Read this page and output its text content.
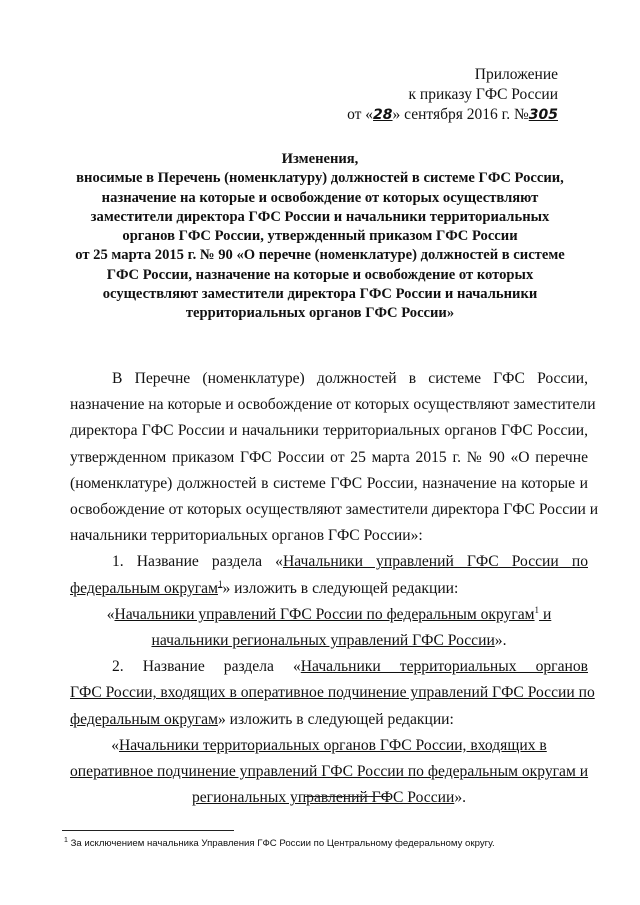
Приложение
к приказу ГФС России
от «28» сентября 2016 г. №305
Изменения,
вносимые в Перечень (номенклатуру) должностей в системе ГФС России,
назначение на которые и освобождение от которых осуществляют
заместители директора ГФС России и начальники территориальных
органов ГФС России, утвержденный приказом ГФС России
от 25 марта 2015 г. № 90 «О перечне (номенклатуре) должностей в системе
ГФС России, назначение на которые и освобождение от которых
осуществляют заместители директора ГФС России и начальники
территориальных органов ГФС России»
В Перечне (номенклатуре) должностей в системе ГФС России,
назначение на которые и освобождение от которых осуществляют заместители
директора ГФС России и начальники территориальных органов ГФС России,
утвержденном приказом ГФС России от 25 марта 2015 г. № 90 «О перечне
(номенклатуре) должностей в системе ГФС России, назначение на которые и
освобождение от которых осуществляют заместители директора ГФС России и
начальники территориальных органов ГФС России»:
1. Название раздела «Начальники управлений ГФС России по
федеральным округам$^1$» изложить в следующей редакции:
«Начальники управлений ГФС России по федеральным округам$^1$ и
начальники региональных управлений ГФС России».
2. Название раздела «Начальники территориальных органов
ГФС России, входящих в оперативное подчинение управлений ГФС России по
федеральным округам» изложить в следующей редакции:
«Начальники территориальных органов ГФС России, входящих в
оперативное подчинение управлений ГФС России по федеральным округам и
региональных управлений ГФС России».
$^1$ За исключением начальника Управления ГФС России по Центральному федеральному округу.
